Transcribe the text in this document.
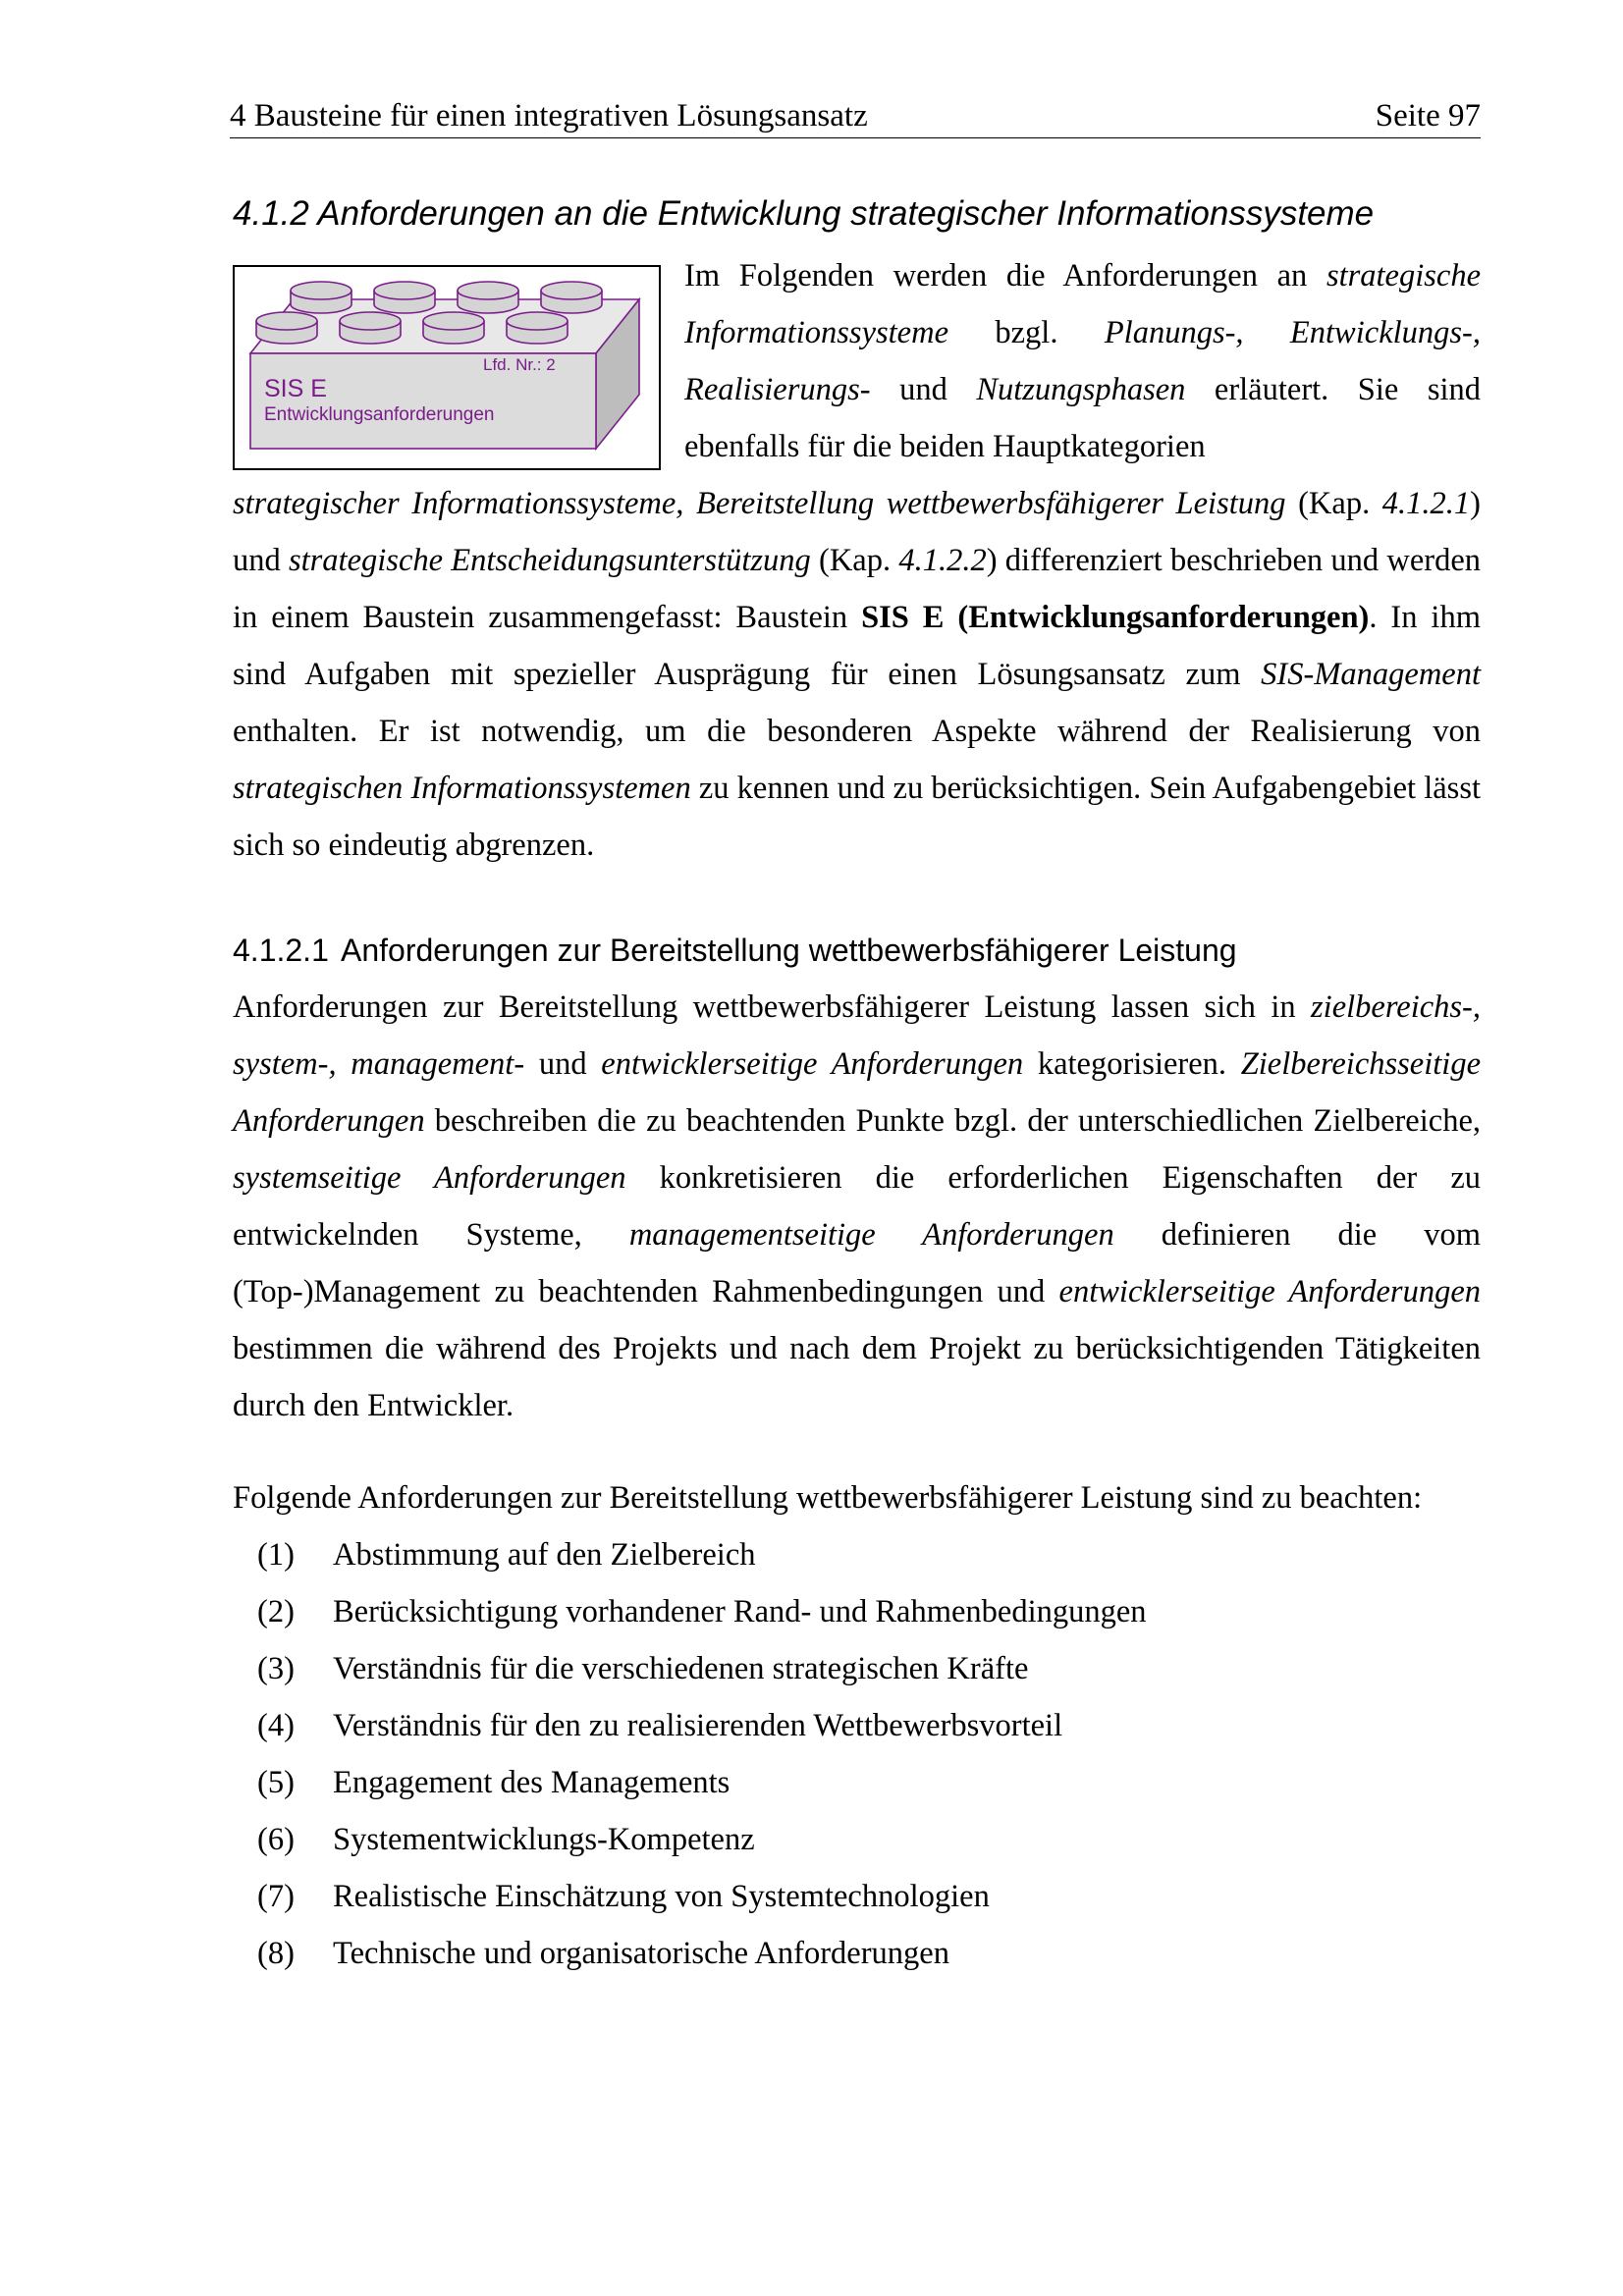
4 Bausteine für einen integrativen Lösungsansatz	Seite 97
4.1.2 Anforderungen an die Entwicklung strategischer Informationssysteme
Lfd. Nr.: 2
SIS E
Entwicklungsanforderungen

Im Folgenden werden die Anforderungen an strategische Informationssysteme bzgl. Planungs-, Entwicklungs-, Realisierungs- und Nutzungsphasen erläutert. Sie sind ebenfalls für die beiden Hauptkategorien

strategischer Informationssysteme, Bereitstellung wettbewerbsfähigerer Leistung (Kap. 4.1.2.1) und strategische Entscheidungsunterstützung (Kap. 4.1.2.2) differenziert beschrieben und werden in einem Baustein zusammengefasst: Baustein SIS E (Entwicklungsanforderungen). In ihm sind Aufgaben mit spezieller Ausprägung für einen Lösungsansatz zum SIS-Management enthalten. Er ist notwendig, um die besonderen Aspekte während der Realisierung von strategischen Informationssystemen zu kennen und zu berücksichtigen. Sein Aufgabengebiet lässt sich so eindeutig abgrenzen.

4.1.2.1 Anforderungen zur Bereitstellung wettbewerbsfähigerer Leistung

Anforderungen zur Bereitstellung wettbewerbsfähigerer Leistung lassen sich in zielbereichs-, system-, management- und entwicklerseitige Anforderungen kategorisieren. Zielbereichsseitige Anforderungen beschreiben die zu beachtenden Punkte bzgl. der unterschiedlichen Zielbereiche, systemseitige Anforderungen konkretisieren die erforderlichen Eigenschaften der zu entwickelnden Systeme, managementseitige Anforderungen definieren die vom (Top-)Management zu beachtenden Rahmenbedingungen und entwicklerseitige Anforderungen bestimmen die während des Projekts und nach dem Projekt zu berücksichtigenden Tätigkeiten durch den Entwickler.

Folgende Anforderungen zur Bereitstellung wettbewerbsfähigerer Leistung sind zu beachten:

(1) Abstimmung auf den Zielbereich
(2) Berücksichtigung vorhandener Rand- und Rahmenbedingungen
(3) Verständnis für die verschiedenen strategischen Kräfte
(4) Verständnis für den zu realisierenden Wettbewerbsvorteil
(5) Engagement des Managements
(6) Systementwicklungs-Kompetenz
(7) Realistische Einschätzung von Systemtechnologien
(8) Technische und organisatorische Anforderungen
